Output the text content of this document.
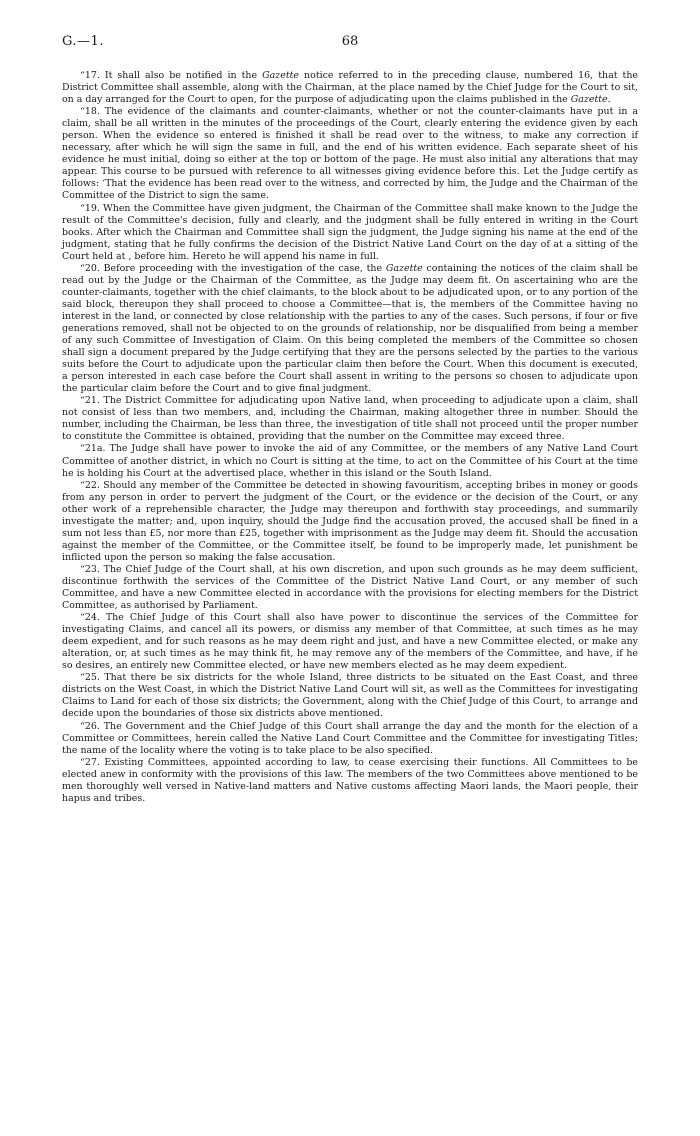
G.—1.	68

“17. It shall also be notified in the Gazette notice referred to in the preceding clause, numbered 16, that the District Committee shall assemble, along with the Chairman, at the place named by the Chief Judge for the Court to sit, on a day arranged for the Court to open, for the purpose of adjudicating upon the claims published in the Gazette.

“18. The evidence of the claimants and counter-claimants, whether or not the counter-claimants have put in a claim, shall be all written in the minutes of the proceedings of the Court, clearly entering the evidence given by each person. When the evidence so entered is finished it shall be read over to the witness, to make any correction if necessary, after which he will sign the same in full, and the end of his written evidence. Each separate sheet of his evidence he must initial, doing so either at the top or bottom of the page. He must also initial any alterations that may appear. This course to be pursued with reference to all witnesses giving evidence before this. Let the Judge certify as follows: ‘That the evidence has been read over to the witness, and corrected by him, the Judge and the Chairman of the Committee of the District to sign the same.

“19. When the Committee have given judgment, the Chairman of the Committee shall make known to the Judge the result of the Committee's decision, fully and clearly, and the judgment shall be fully entered in writing in the Court books. After which the Chairman and Committee shall sign the judgment, the Judge signing his name at the end of the judgment, stating that he fully confirms the decision of the District Native Land Court on the day of at a sitting of the Court held at , before him. Hereto he will append his name in full.

“20. Before proceeding with the investigation of the case, the Gazette containing the notices of the claim shall be read out by the Judge or the Chairman of the Committee, as the Judge may deem fit. On ascertaining who are the counter-claimants, together with the chief claimants, to the block about to be adjudicated upon, or to any portion of the said block, thereupon they shall proceed to choose a Committee—that is, the members of the Committee having no interest in the land, or connected by close relationship with the parties to any of the cases. Such persons, if four or five generations removed, shall not be objected to on the grounds of relationship, nor be disqualified from being a member of any such Committee of Investigation of Claim. On this being completed the members of the Committee so chosen shall sign a document prepared by the Judge certifying that they are the persons selected by the parties to the various suits before the Court to adjudicate upon the particular claim then before the Court. When this document is executed, a person interested in each case before the Court shall assent in writing to the persons so chosen to adjudicate upon the particular claim before the Court and to give final judgment.

“21. The District Committee for adjudicating upon Native land, when proceeding to adjudicate upon a claim, shall not consist of less than two members, and, including the Chairman, making altogether three in number. Should the number, including the Chairman, be less than three, the investigation of title shall not proceed until the proper number to constitute the Committee is obtained, providing that the number on the Committee may exceed three.

“21a. The Judge shall have power to invoke the aid of any Committee, or the members of any Native Land Court Committee of another district, in which no Court is sitting at the time, to act on the Committee of his Court at the time he is holding his Court at the advertised place, whether in this island or the South Island.

“22. Should any member of the Committee be detected in showing favouritism, accepting bribes in money or goods from any person in order to pervert the judgment of the Court, or the evidence or the decision of the Court, or any other work of a reprehensible character, the Judge may thereupon and forthwith stay proceedings, and summarily investigate the matter; and, upon inquiry, should the Judge find the accusation proved, the accused shall be fined in a sum not less than £5, nor more than £25, together with imprisonment as the Judge may deem fit. Should the accusation against the member of the Committee, or the Committee itself, be found to be improperly made, let punishment be inflicted upon the person so making the false accusation.

“23. The Chief Judge of the Court shall, at his own discretion, and upon such grounds as he may deem sufficient, discontinue forthwith the services of the Committee of the District Native Land Court, or any member of such Committee, and have a new Committee elected in accordance with the provisions for electing members for the District Committee, as authorised by Parliament.

“24. The Chief Judge of this Court shall also have power to discontinue the services of the Committee for investigating Claims, and cancel all its powers, or dismiss any member of that Committee, at such times as he may deem expedient, and for such reasons as he may deem right and just, and have a new Committee elected, or make any alteration, or, at such times as he may think fit, he may remove any of the members of the Committee, and have, if he so desires, an entirely new Committee elected, or have new members elected as he may deem expedient.

“25. That there be six districts for the whole Island, three districts to be situated on the East Coast, and three districts on the West Coast, in which the District Native Land Court will sit, as well as the Committees for investigating Claims to Land for each of those six districts; the Government, along with the Chief Judge of this Court, to arrange and decide upon the boundaries of those six districts above mentioned.

“26. The Government and the Chief Judge of this Court shall arrange the day and the month for the election of a Committee or Committees, herein called the Native Land Court Committee and the Committee for investigating Titles; the name of the locality where the voting is to take place to be also specified.

“27. Existing Committees, appointed according to law, to cease exercising their functions. All Committees to be elected anew in conformity with the provisions of this law. The members of the two Committees above mentioned to be men thoroughly well versed in Native-land matters and Native customs affecting Maori lands, the Maori people, their hapus and tribes.
